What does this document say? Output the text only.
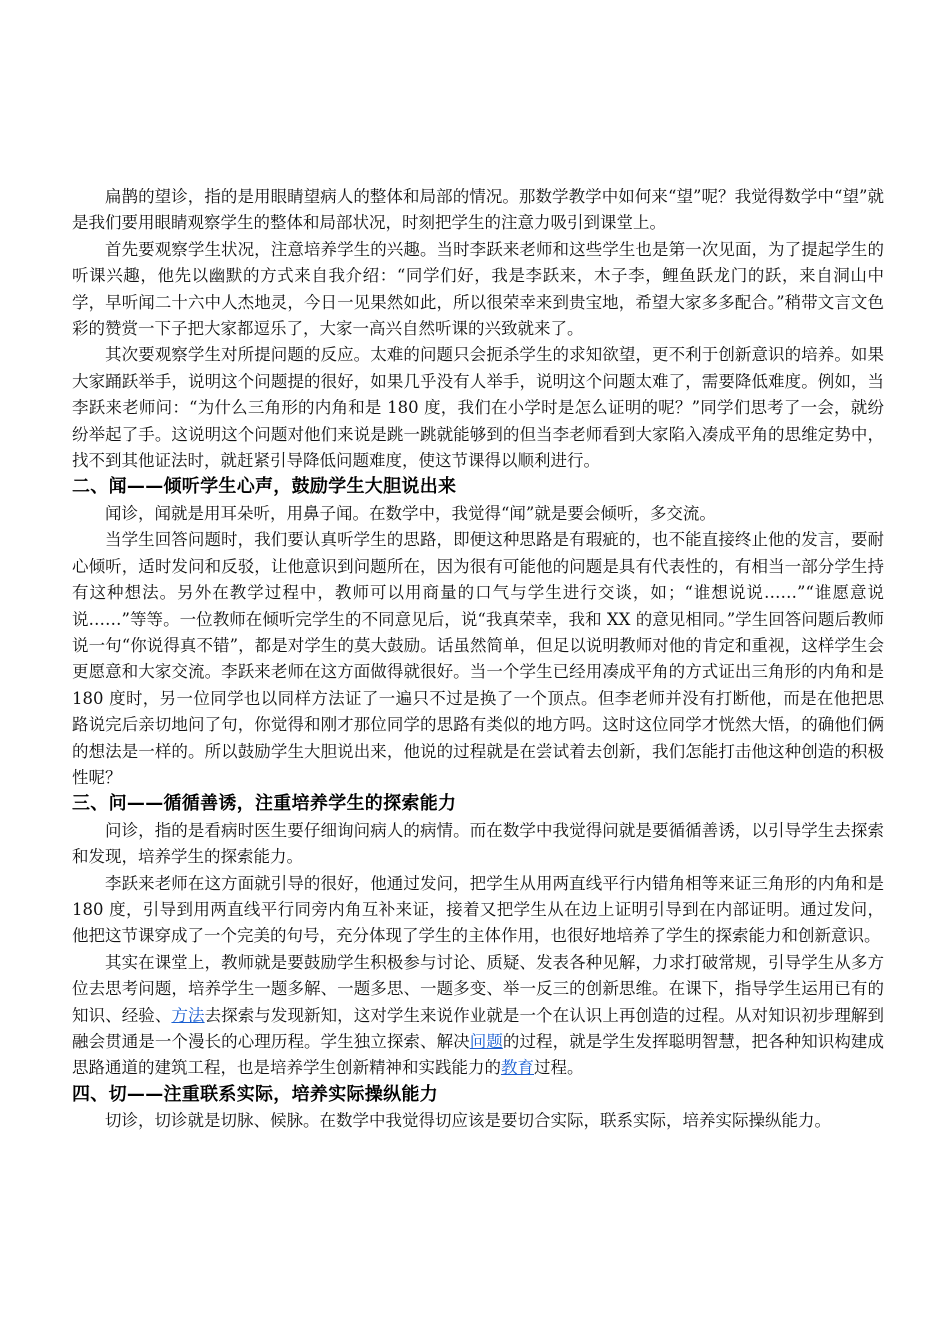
扁鹊的望诊，指的是用眼睛望病人的整体和局部的情况。那数学教学中如何来“望”呢？我觉得数学中“望”就是我们要用眼睛观察学生的整体和局部状况，时刻把学生的注意力吸引到课堂上。

首先要观察学生状况，注意培养学生的兴趣。当时李跃来老师和这些学生也是第一次见面，为了提起学生的听课兴趣，他先以幽默的方式来自我介绍：“同学们好，我是李跃来，木子李，鲤鱼跃龙门的跃，来自洞山中学，早听闻二十六中人杰地灵，今日一见果然如此，所以很荣幸来到贵宝地，希望大家多多配合。”稍带文言文色彩的赞赏一下子把大家都逗乐了，大家一高兴自然听课的兴致就来了。

其次要观察学生对所提问题的反应。太难的问题只会扼杀学生的求知欲望，更不利于创新意识的培养。如果大家踊跃举手，说明这个问题提的很好，如果几乎没有人举手，说明这个问题太难了，需要降低难度。例如，当李跃来老师问：“为什么三角形的内角和是 180 度，我们在小学时是怎么证明的呢？”同学们思考了一会，就纷纷举起了手。这说明这个问题对他们来说是跳一跳就能够到的但当李老师看到大家陷入凑成平角的思维定势中，找不到其他证法时，就赶紧引导降低问题难度，使这节课得以顺利进行。

二、闻——倾听学生心声，鼓励学生大胆说出来

闻诊，闻就是用耳朵听，用鼻子闻。在数学中，我觉得“闻”就是要会倾听，多交流。

当学生回答问题时，我们要认真听学生的思路，即便这种思路是有瑕疵的，也不能直接终止他的发言，要耐心倾听，适时发问和反驳，让他意识到问题所在，因为很有可能他的问题是具有代表性的，有相当一部分学生持有这种想法。另外在教学过程中，教师可以用商量的口气与学生进行交谈，如；“谁想说说……”“谁愿意说说……”等等。一位教师在倾听完学生的不同意见后，说“我真荣幸，我和 XX 的意见相同。”学生回答问题后教师说一句“你说得真不错”，都是对学生的莫大鼓励。话虽然简单，但足以说明教师对他的肯定和重视，这样学生会更愿意和大家交流。李跃来老师在这方面做得就很好。当一个学生已经用凑成平角的方式证出三角形的内角和是 180 度时，另一位同学也以同样方法证了一遍只不过是换了一个顶点。但李老师并没有打断他，而是在他把思路说完后亲切地问了句，你觉得和刚才那位同学的思路有类似的地方吗。这时这位同学才恍然大悟，的确他们俩的想法是一样的。所以鼓励学生大胆说出来，他说的过程就是在尝试着去创新，我们怎能打击他这种创造的积极性呢？

三、问——循循善诱，注重培养学生的探索能力

问诊，指的是看病时医生要仔细询问病人的病情。而在数学中我觉得问就是要循循善诱，以引导学生去探索和发现，培养学生的探索能力。

李跃来老师在这方面就引导的很好，他通过发问，把学生从用两直线平行内错角相等来证三角形的内角和是 180 度，引导到用两直线平行同旁内角互补来证，接着又把学生从在边上证明引导到在内部证明。通过发问，他把这节课穿成了一个完美的句号，充分体现了学生的主体作用，也很好地培养了学生的探索能力和创新意识。

其实在课堂上，教师就是要鼓励学生积极参与讨论、质疑、发表各种见解，力求打破常规，引导学生从多方位去思考问题，培养学生一题多解、一题多思、一题多变、举一反三的创新思维。在课下，指导学生运用已有的知识、经验、方法去探索与发现新知，这对学生来说作业就是一个在认识上再创造的过程。从对知识初步理解到融会贯通是一个漫长的心理历程。学生独立探索、解决问题的过程，就是学生发挥聪明智慧，把各种知识构建成思路通道的建筑工程，也是培养学生创新精神和实践能力的教育过程。

四、切——注重联系实际，培养实际操纵能力

切诊，切诊就是切脉、候脉。在数学中我觉得切应该是要切合实际，联系实际，培养实际操纵能力。
